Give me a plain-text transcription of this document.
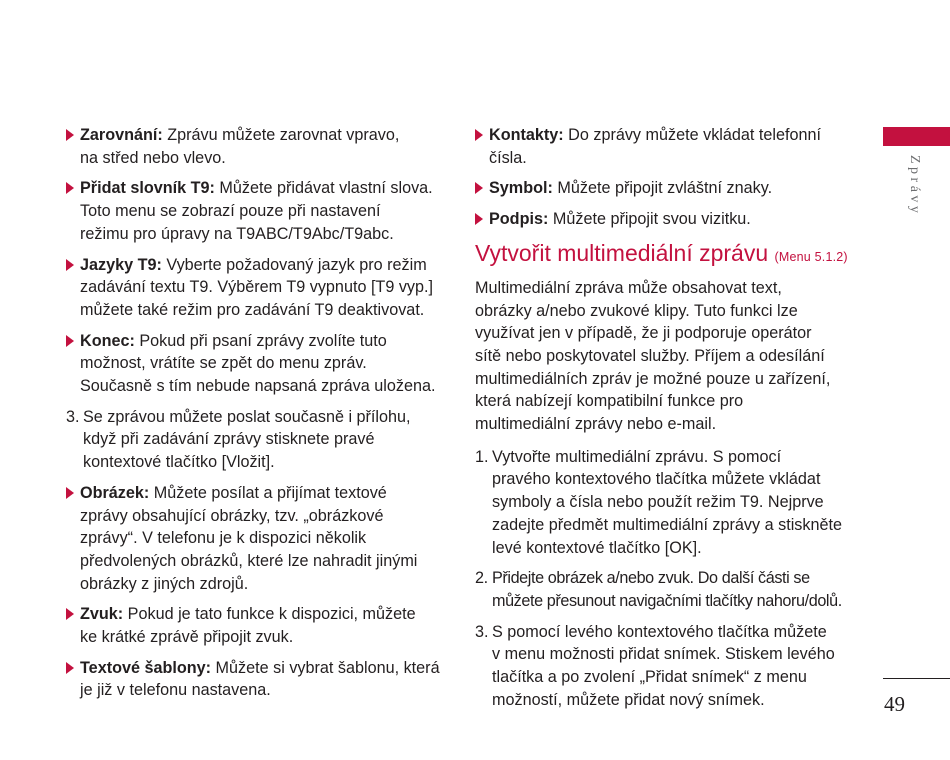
Zprávy
49
Zarovnání: Zprávu můžete zarovnat vpravo,
na střed nebo vlevo.
Přidat slovník T9: Můžete přidávat vlastní slova.
Toto menu se zobrazí pouze při nastavení
režimu pro úpravy na T9ABC/T9Abc/T9abc.
Jazyky T9: Vyberte požadovaný jazyk pro režim
zadávání textu T9. Výběrem T9 vypnuto [T9 vyp.]
můžete také režim pro zadávání T9 deaktivovat.
Konec: Pokud při psaní zprávy zvolíte tuto
možnost, vrátíte se zpět do menu zpráv.
Současně s tím nebude napsaná zpráva uložena.
3. Se zprávou můžete poslat současně i přílohu,
když při zadávání zprávy stisknete pravé
kontextové tlačítko [Vložit].
Obrázek: Můžete posílat a přijímat textové
zprávy obsahující obrázky, tzv. „obrázkové
zprávy“. V telefonu je k dispozici několik
předvolených obrázků, které lze nahradit jinými
obrázky z jiných zdrojů.
Zvuk: Pokud je tato funkce k dispozici, můžete
ke krátké zprávě připojit zvuk.
Textové šablony: Můžete si vybrat šablonu, která
je již v telefonu nastavena.
Kontakty: Do zprávy můžete vkládat telefonní
čísla.
Symbol: Můžete připojit zvláštní znaky.
Podpis: Můžete připojit svou vizitku.
Vytvořit multimediální zprávu (Menu 5.1.2)
Multimediální zpráva může obsahovat text,
obrázky a/nebo zvukové klipy. Tuto funkci lze
využívat jen v případě, že ji podporuje operátor
sítě nebo poskytovatel služby. Příjem a odesílání
multimediálních zpráv je možné pouze u zařízení,
která nabízejí kompatibilní funkce pro
multimediální zprávy nebo e-mail.
1. Vytvořte multimediální zprávu. S pomocí
pravého kontextového tlačítka můžete vkládat
symboly a čísla nebo použít režim T9. Nejprve
zadejte předmět multimediální zprávy a stiskněte
levé kontextové tlačítko [OK].
2. Přidejte obrázek a/nebo zvuk. Do další části se
můžete přesunout navigačními tlačítky nahoru/dolů.
3. S pomocí levého kontextového tlačítka můžete
v menu možnosti přidat snímek. Stiskem levého
tlačítka a po zvolení „Přidat snímek“ z menu
možností, můžete přidat nový snímek.
